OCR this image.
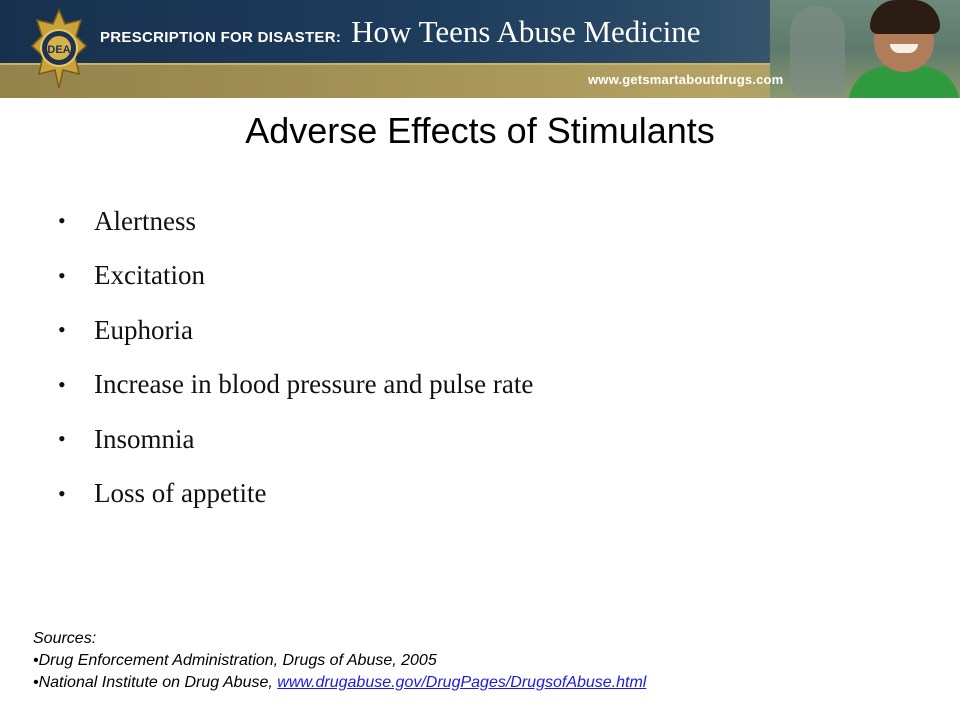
DEA
PRESCRIPTION FOR DISASTER: How Teens Abuse Medicine
www.getsmartaboutdrugs.com
Adverse Effects of Stimulants
•	Alertness
•	Excitation
•	Euphoria
•	Increase in blood pressure and pulse rate
•	Insomnia
•	Loss of appetite
Sources:
•Drug Enforcement Administration, Drugs of Abuse, 2005
•National Institute on Drug Abuse, www.drugabuse.gov/DrugPages/DrugsofAbuse.html
